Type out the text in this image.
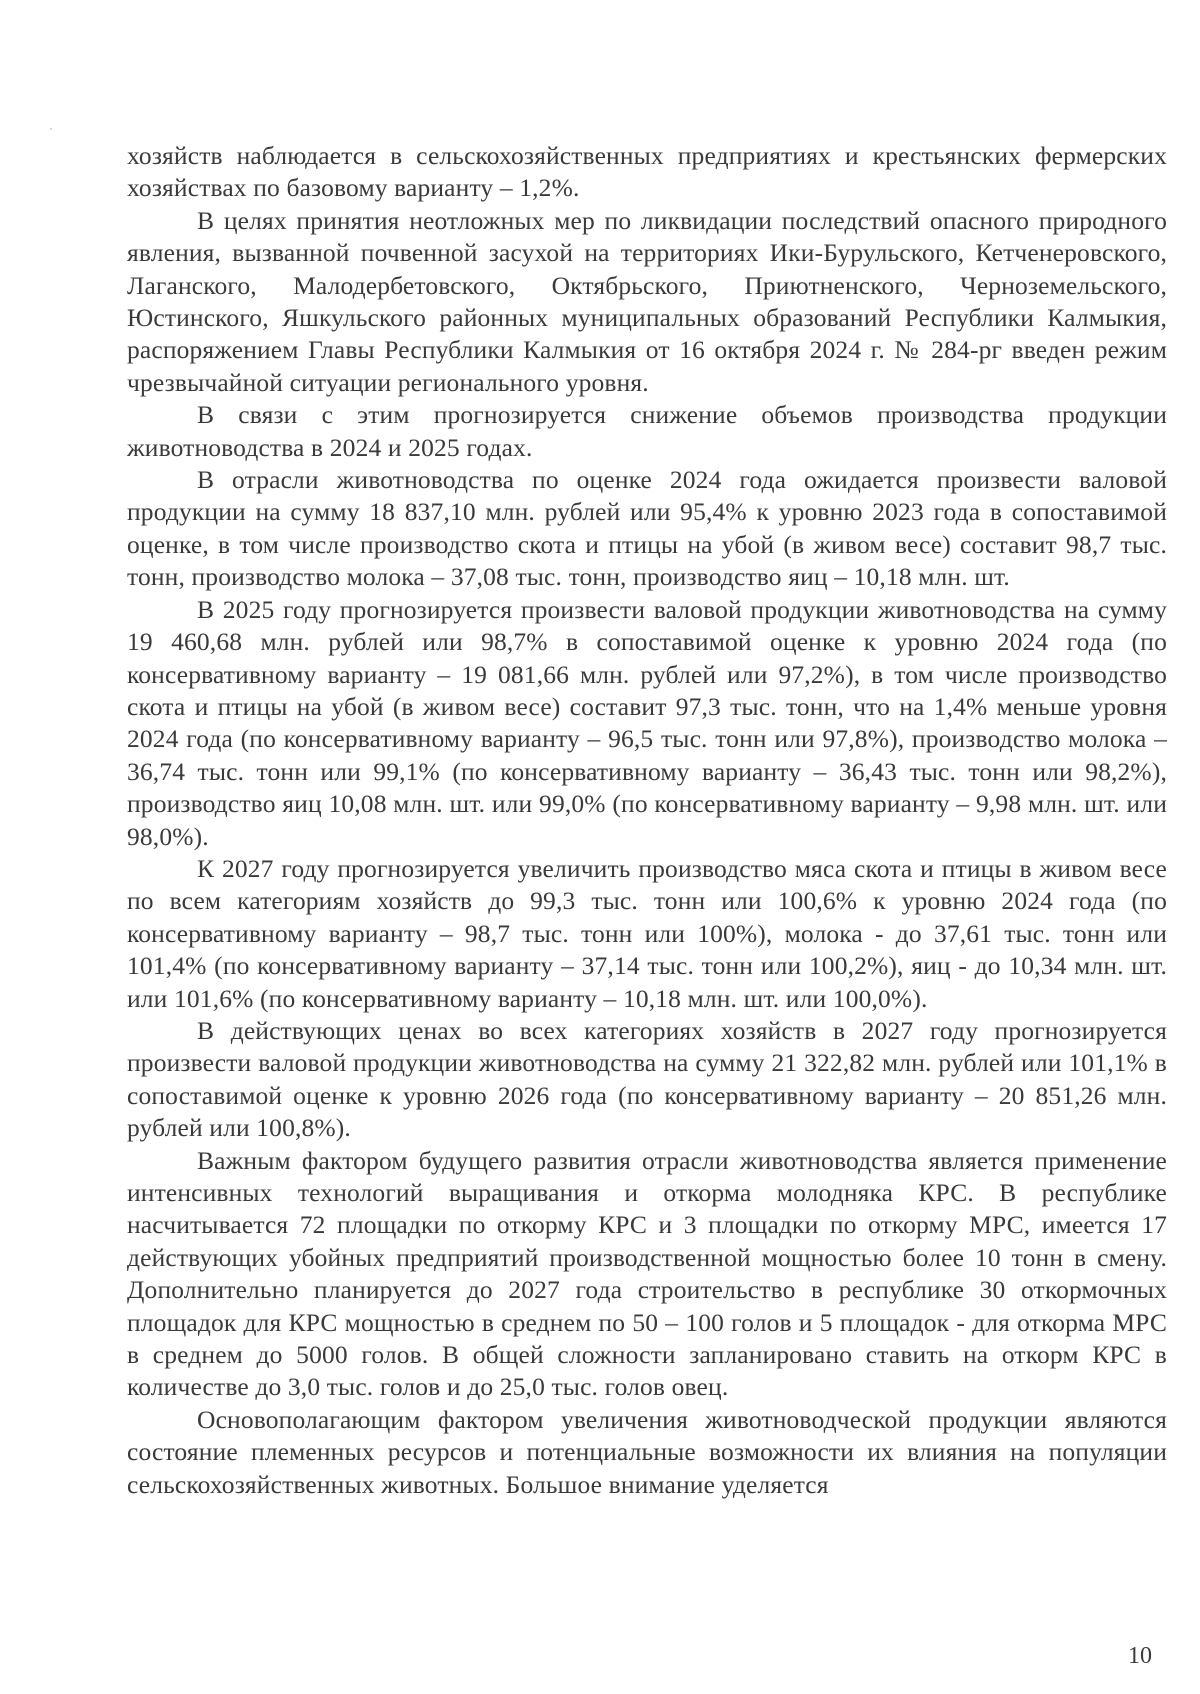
хозяйств наблюдается в сельскохозяйственных предприятиях и крестьянских фермерских хозяйствах по базовому варианту – 1,2%.

В целях принятия неотложных мер по ликвидации последствий опасного природного явления, вызванной почвенной засухой на территориях Ики-Бурульского, Кетченеровского, Лаганского, Малодербетовского, Октябрьского, Приютненского, Черноземельского, Юстинского, Яшкульского районных муниципальных образований Республики Калмыкия, распоряжением Главы Республики Калмыкия от 16 октября 2024 г. № 284-рг введен режим чрезвычайной ситуации регионального уровня.

В связи с этим прогнозируется снижение объемов производства продукции животноводства в 2024 и 2025 годах.

В отрасли животноводства по оценке 2024 года ожидается произвести валовой продукции на сумму 18 837,10 млн. рублей или 95,4% к уровню 2023 года в сопоставимой оценке, в том числе производство скота и птицы на убой (в живом весе) составит 98,7 тыс. тонн, производство молока – 37,08 тыс. тонн, производство яиц – 10,18 млн. шт.

В 2025 году прогнозируется произвести валовой продукции животноводства на сумму 19 460,68 млн. рублей или 98,7% в сопоставимой оценке к уровню 2024 года (по консервативному варианту – 19 081,66 млн. рублей или 97,2%), в том числе производство скота и птицы на убой (в живом весе) составит 97,3 тыс. тонн, что на 1,4% меньше уровня 2024 года (по консервативному варианту – 96,5 тыс. тонн или 97,8%), производство молока – 36,74 тыс. тонн или 99,1% (по консервативному варианту – 36,43 тыс. тонн или 98,2%), производство яиц 10,08 млн. шт. или 99,0% (по консервативному варианту – 9,98 млн. шт. или 98,0%).

К 2027 году прогнозируется увеличить производство мяса скота и птицы в живом весе по всем категориям хозяйств до 99,3 тыс. тонн или 100,6% к уровню 2024 года (по консервативному варианту – 98,7 тыс. тонн или 100%), молока - до 37,61 тыс. тонн или 101,4% (по консервативному варианту – 37,14 тыс. тонн или 100,2%), яиц - до 10,34 млн. шт. или 101,6% (по консервативному варианту – 10,18 млн. шт. или 100,0%).

В действующих ценах во всех категориях хозяйств в 2027 году прогнозируется произвести валовой продукции животноводства на сумму 21 322,82 млн. рублей или 101,1% в сопоставимой оценке к уровню 2026 года (по консервативному варианту – 20 851,26 млн. рублей или 100,8%).

Важным фактором будущего развития отрасли животноводства является применение интенсивных технологий выращивания и откорма молодняка КРС. В республике насчитывается 72 площадки по откорму КРС и 3 площадки по откорму МРС, имеется 17 действующих убойных предприятий производственной мощностью более 10 тонн в смену. Дополнительно планируется до 2027 года строительство в республике 30 откормочных площадок для КРС мощностью в среднем по 50 – 100 голов и 5 площадок - для откорма МРС в среднем до 5000 голов. В общей сложности запланировано ставить на откорм КРС в количестве до 3,0 тыс. голов и до 25,0 тыс. голов овец.

Основополагающим фактором увеличения животноводческой продукции являются состояние племенных ресурсов и потенциальные возможности их влияния на популяции сельскохозяйственных животных. Большое внимание уделяется

10
